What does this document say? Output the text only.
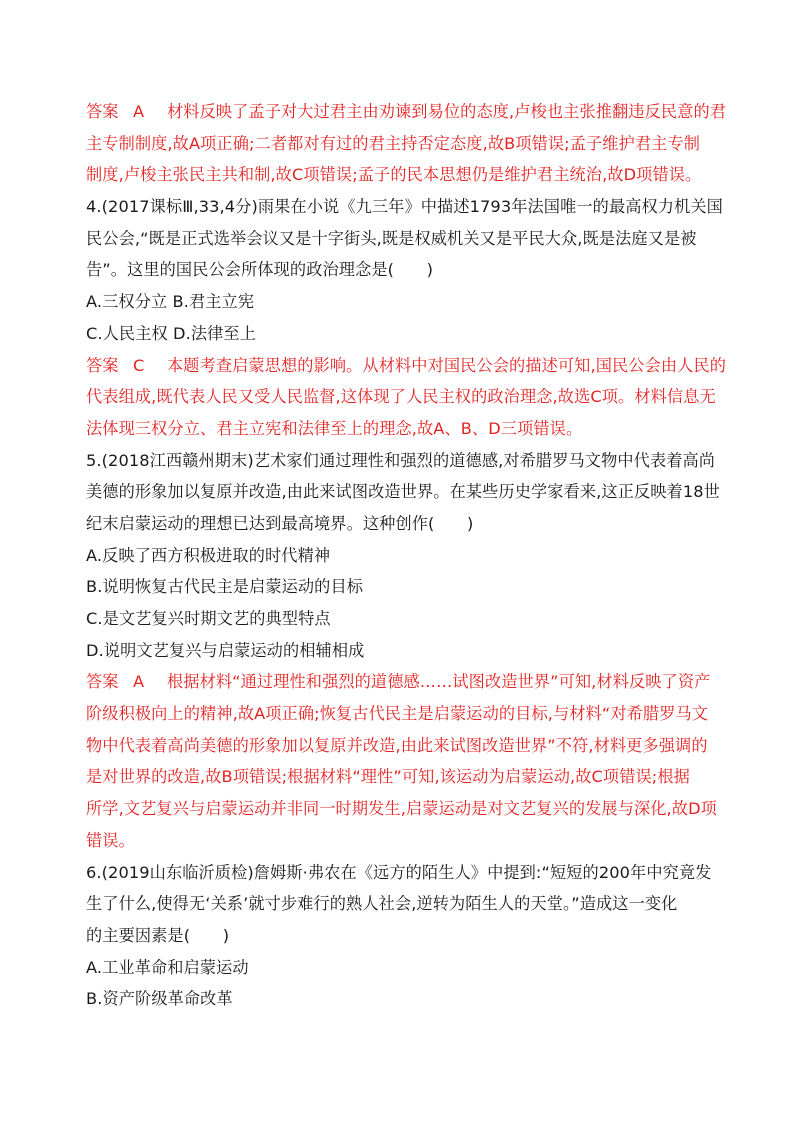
答案 A 材料反映了孟子对大过君主由劝谏到易位的态度,卢梭也主张推翻违反民意的君
主专制制度,故A项正确;二者都对有过的君主持否定态度,故B项错误;孟子维护君主专制
制度,卢梭主张民主共和制,故C项错误;孟子的民本思想仍是维护君主统治,故D项错误。
4.(2017课标Ⅲ,33,4分)雨果在小说《九三年》中描述1793年法国唯一的最高权力机关国
民公会,“既是正式选举会议又是十字街头,既是权威机关又是平民大众,既是法庭又是被
告”。这里的国民公会所体现的政治理念是(　　)
A.三权分立 B.君主立宪
C.人民主权 D.法律至上
答案 C 本题考查启蒙思想的影响。从材料中对国民公会的描述可知,国民公会由人民的
代表组成,既代表人民又受人民监督,这体现了人民主权的政治理念,故选C项。材料信息无
法体现三权分立、君主立宪和法律至上的理念,故A、B、D三项错误。
5.(2018江西赣州期末)艺术家们通过理性和强烈的道德感,对希腊罗马文物中代表着高尚
美德的形象加以复原并改造,由此来试图改造世界。在某些历史学家看来,这正反映着18世
纪末启蒙运动的理想已达到最高境界。这种创作(　　)
A.反映了西方积极进取的时代精神
B.说明恢复古代民主是启蒙运动的目标
C.是文艺复兴时期文艺的典型特点
D.说明文艺复兴与启蒙运动的相辅相成
答案 A 根据材料“通过理性和强烈的道德感……试图改造世界”可知,材料反映了资产
阶级积极向上的精神,故A项正确;恢复古代民主是启蒙运动的目标,与材料“对希腊罗马文
物中代表着高尚美德的形象加以复原并改造,由此来试图改造世界”不符,材料更多强调的
是对世界的改造,故B项错误;根据材料“理性”可知,该运动为启蒙运动,故C项错误;根据
所学,文艺复兴与启蒙运动并非同一时期发生,启蒙运动是对文艺复兴的发展与深化,故D项
错误。
6.(2019山东临沂质检)詹姆斯·弗农在《远方的陌生人》中提到:“短短的200年中究竟发
生了什么,使得无‘关系’就寸步难行的熟人社会,逆转为陌生人的天堂。”造成这一变化
的主要因素是(　　)
A.工业革命和启蒙运动
B.资产阶级革命改革
